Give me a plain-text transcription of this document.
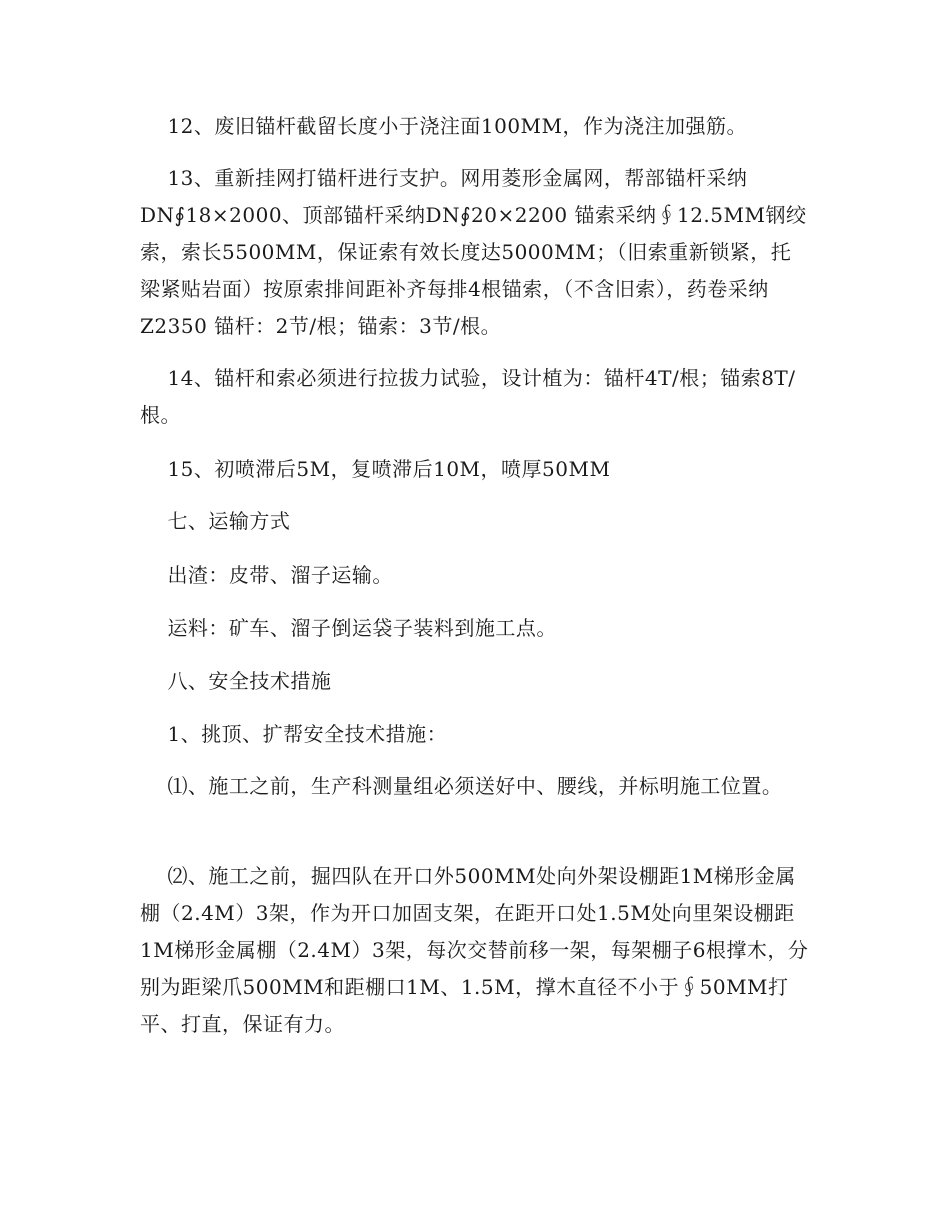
12、废旧锚杆截留长度小于浇注面100MM，作为浇注加强筋。

13、重新挂网打锚杆进行支护。网用菱形金属网，帮部锚杆采纳DN∮18×2000、顶部锚杆采纳DN∮20×2200 锚索采纳∮12.5MM钢绞索，索长5500MM，保证索有效长度达5000MM；（旧索重新锁紧，托梁紧贴岩面）按原索排间距补齐每排4根锚索，（不含旧索），药卷采纳Z2350 锚杆：2节/根；锚索：3节/根。

14、锚杆和索必须进行拉拔力试验，设计植为：锚杆4T/根；锚索8T/根。

15、初喷滞后5M，复喷滞后10M，喷厚50MM

七、运输方式

出渣：皮带、溜子运输。

运料：矿车、溜子倒运袋子装料到施工点。

八、安全技术措施

1、挑顶、扩帮安全技术措施：

⑴、施工之前，生产科测量组必须送好中、腰线，并标明施工位置。

⑵、施工之前，掘四队在开口外500MM处向外架设棚距1M梯形金属棚（2.4M）3架，作为开口加固支架，在距开口处1.5M处向里架设棚距1M梯形金属棚（2.4M）3架，每次交替前移一架，每架棚子6根撑木，分别为距梁爪500MM和距棚口1M、1.5M，撑木直径不小于∮50MM打平、打直，保证有力。
